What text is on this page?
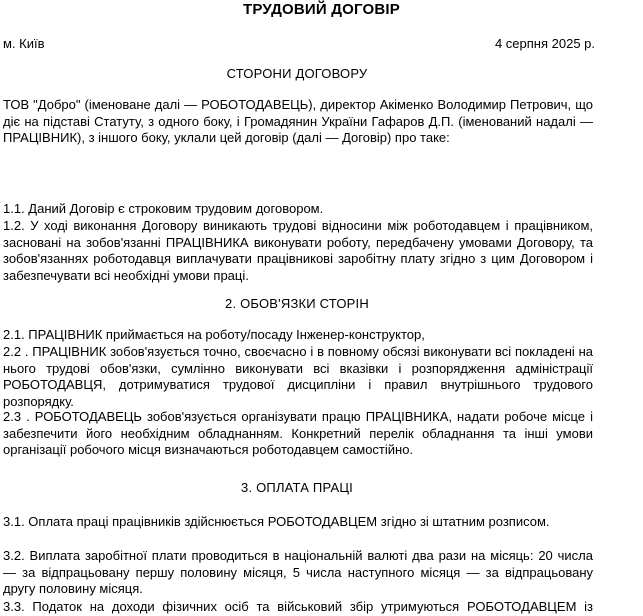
ТРУДОВИЙ ДОГОВІР
м. Київ	4 серпня 2025 р.
СТОРОНИ ДОГОВОРУ

ТОВ "Добро" (іменоване далі — РОБОТОДАВЕЦЬ), директор Акіменко Володимир Петрович, що діє на підставі Статуту, з одного боку, і Громадянин України Гафаров Д.П. (іменований надалі — ПРАЦІВНИК), з іншого боку, уклали цей договір (далі — Договір) про таке:

1.1. Даний Договір є строковим трудовим договором.

1.2. У ході виконання Договору виникають трудові відносини між роботодавцем і працівником, засновані на зобов'язанні ПРАЦІВНИКА виконувати роботу, передбачену умовами Договору, та зобов'язаннях роботодавця виплачувати працівникові заробітну плату згідно з цим Договором і забезпечувати всі необхідні умови праці.

2. ОБОВ'ЯЗКИ СТОРІН

2.1. ПРАЦІВНИК приймається на роботу/посаду Інженер-конструктор,

2.2 . ПРАЦІВНИК зобов'язується точно, своєчасно і в повному обсязі виконувати всі покладені на нього трудові обов'язки, сумлінно виконувати всі вказівки і розпорядження адміністрації РОБОТОДАВЦЯ, дотримуватися трудової дисципліни і правил внутрішнього трудового розпорядку.

2.3 . РОБОТОДАВЕЦЬ зобов'язується організувати працю ПРАЦІВНИКА, надати робоче місце і забезпечити його необхідним обладнанням. Конкретний перелік обладнання та інші умови організації робочого місця визначаються роботодавцем самостійно.

3. ОПЛАТА ПРАЦІ

3.1. Оплата праці працівників здійснюється РОБОТОДАВЦЕМ згідно зі штатним розписом.

3.2. Виплата заробітної плати проводиться в національній валюті два рази на місяць: 20 числа — за відпрацьовану першу половину місяця, 5 числа наступного місяця — за відпрацьовану другу половину місяця.

3.3. Податок на доходи фізичних осіб та військовий збір утримуються РОБОТОДАВЦЕМ із
